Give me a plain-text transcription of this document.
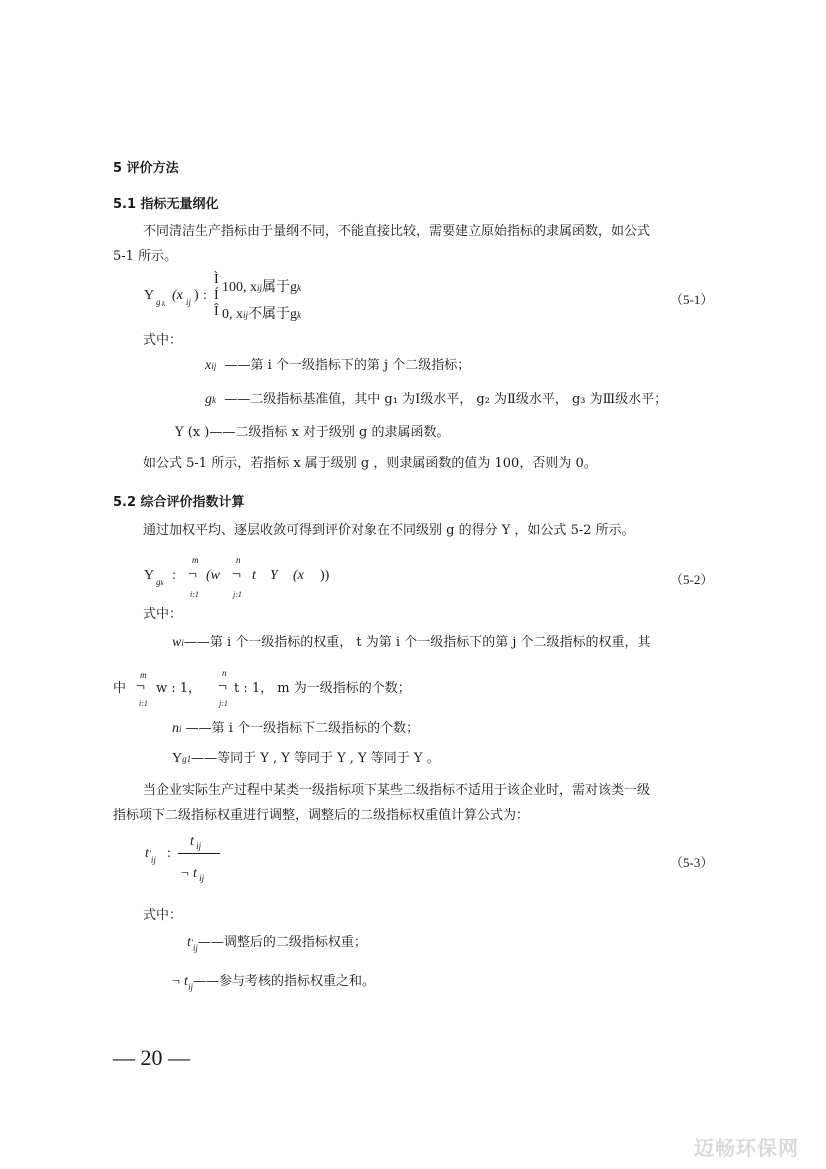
5 评价方法
5.1 指标无量纲化
不同清洁生产指标由于量纲不同，不能直接比较，需要建立原始指标的隶属函数，如公式
5-1 所示。
Y g k
(x ij ) :
Ì
Í
Î
100, xij属于gk
0, xij不属于gk
（5-1）
式中：
xij ——第 i 个一级指标下的第 j 个二级指标；
gk ——二级指标基准值，其中 g₁ 为Ⅰ级水平， g₂ 为Ⅱ级水平， g₃ 为Ⅲ级水平；
Y (x )——二级指标 x 对于级别 g 的隶属函数。
如公式 5-1 所示，若指标 x 属于级别 g ，则隶属函数的值为 100，否则为 0。
5.2 综合评价指数计算
通过加权平均、逐层收敛可得到评价对象在不同级别 g 的得分 Y ，如公式 5-2 所示。
Y gk :
m
¬
i:1
(w
n
¬
j:1
t Y (x ))	（5-2）
式中：
wi——第 i 个一级指标的权重， t 为第 i 个一级指标下的第 j 个二级指标的权重，其
中
m
¬
i:1
w : 1，
n
¬
j:1
t : 1， m 为一级指标的个数；
ni ——第 i 个一级指标下二级指标的个数；
Yg1——等同于 Y , Y 等同于 Y , Y 等同于 Y 。
当企业实际生产过程中某类一级指标项下某些二级指标不适用于该企业时，需对该类一级
指标项下二级指标权重进行调整，调整后的二级指标权重值计算公式为：
$t'_{ij}$ :
t $_{ij}$
¬ t $_{ij}$
（5-3）
式中：
$t'_{ij}——$调整后的二级指标权重；
¬ $t_{ij}——$参与考核的指标权重之和。
— 20 —
迈畅环保网
